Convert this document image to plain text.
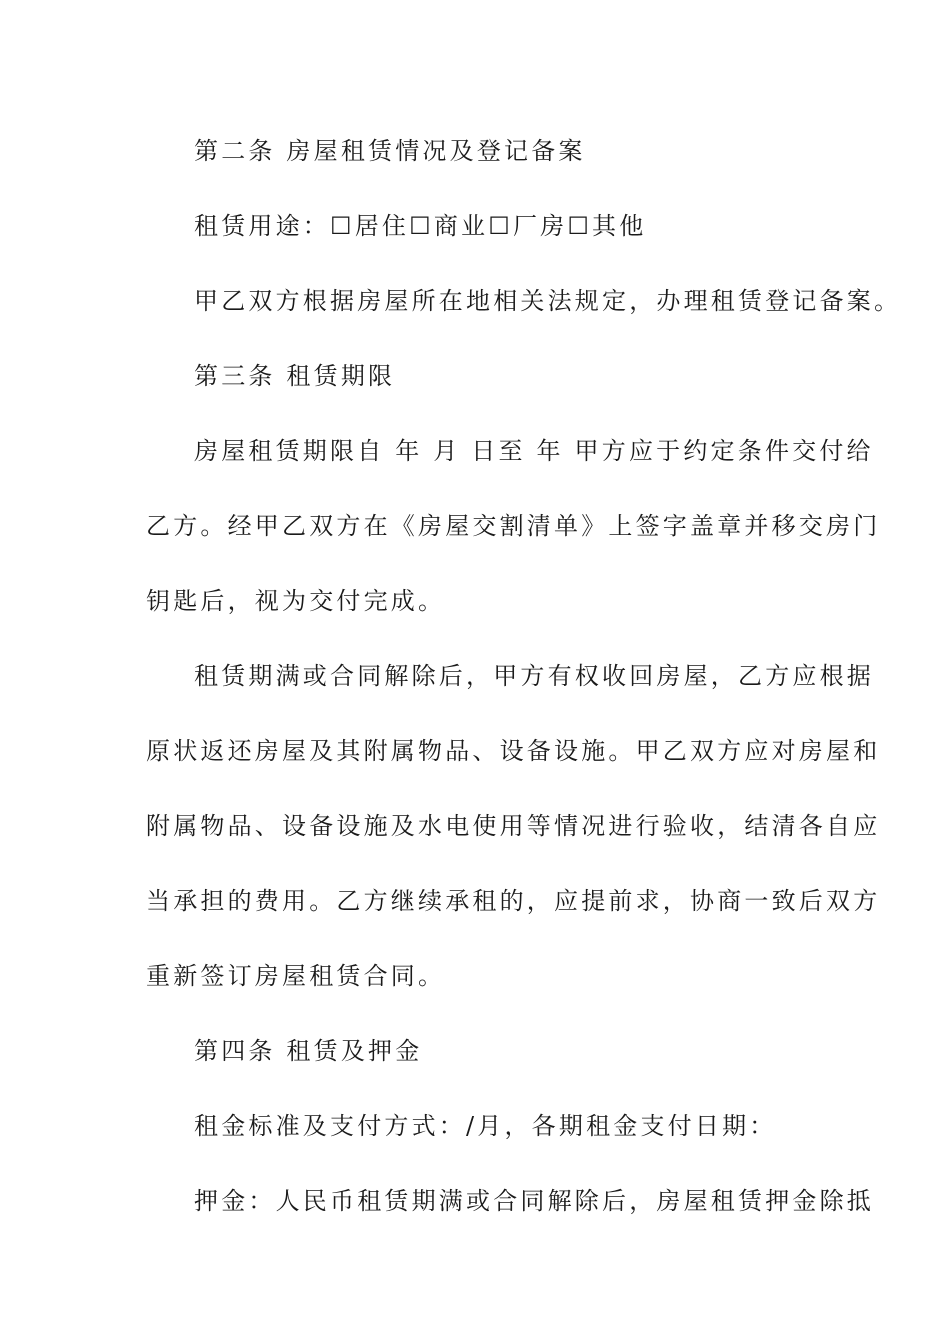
第二条 房屋租赁情况及登记备案
租赁用途：☐居住☐商业☐厂房☐其他
甲乙双方根据房屋所在地相关法规定，办理租赁登记备案。
第三条 租赁期限
房屋租赁期限自 年 月 日至 年 甲方应于约定条件交付给
乙方。经甲乙双方在《房屋交割清单》上签字盖章并移交房门
钥匙后，视为交付完成。
租赁期满或合同解除后，甲方有权收回房屋，乙方应根据
原状返还房屋及其附属物品、设备设施。甲乙双方应对房屋和
附属物品、设备设施及水电使用等情况进行验收，结清各自应
当承担的费用。乙方继续承租的，应提前求，协商一致后双方
重新签订房屋租赁合同。
第四条 租赁及押金
租金标准及支付方式：/月，各期租金支付日期：
押金：人民币租赁期满或合同解除后，房屋租赁押金除抵
